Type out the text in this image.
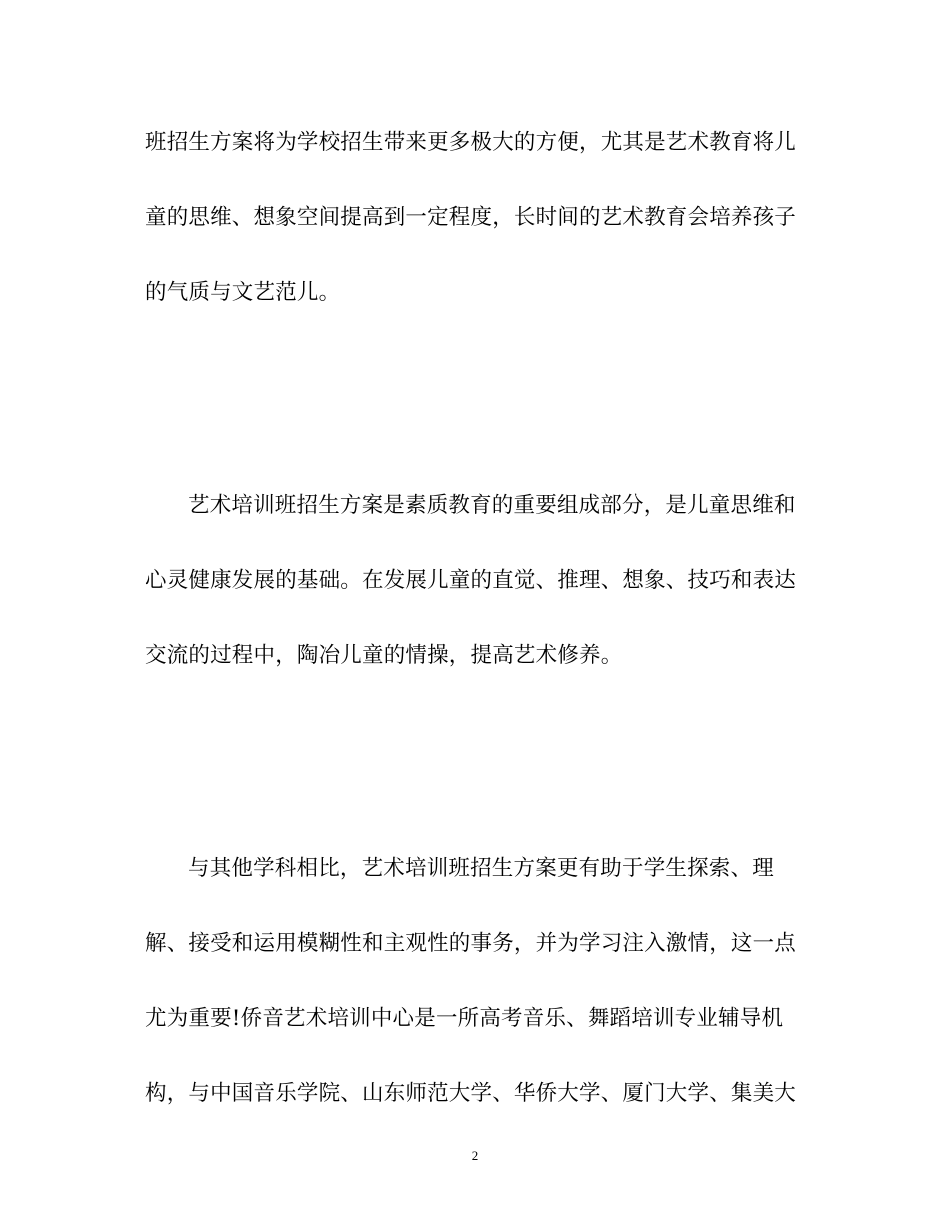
班招生方案将为学校招生带来更多极大的方便，尤其是艺术教育将儿
童的思维、想象空间提高到一定程度，长时间的艺术教育会培养孩子
的气质与文艺范儿。
艺术培训班招生方案是素质教育的重要组成部分，是儿童思维和
心灵健康发展的基础。在发展儿童的直觉、推理、想象、技巧和表达
交流的过程中，陶冶儿童的情操，提高艺术修养。
与其他学科相比，艺术培训班招生方案更有助于学生探索、理
解、接受和运用模糊性和主观性的事务，并为学习注入激情，这一点
尤为重要!侨音艺术培训中心是一所高考音乐、舞蹈培训专业辅导机
构，与中国音乐学院、山东师范大学、华侨大学、厦门大学、集美大
2
